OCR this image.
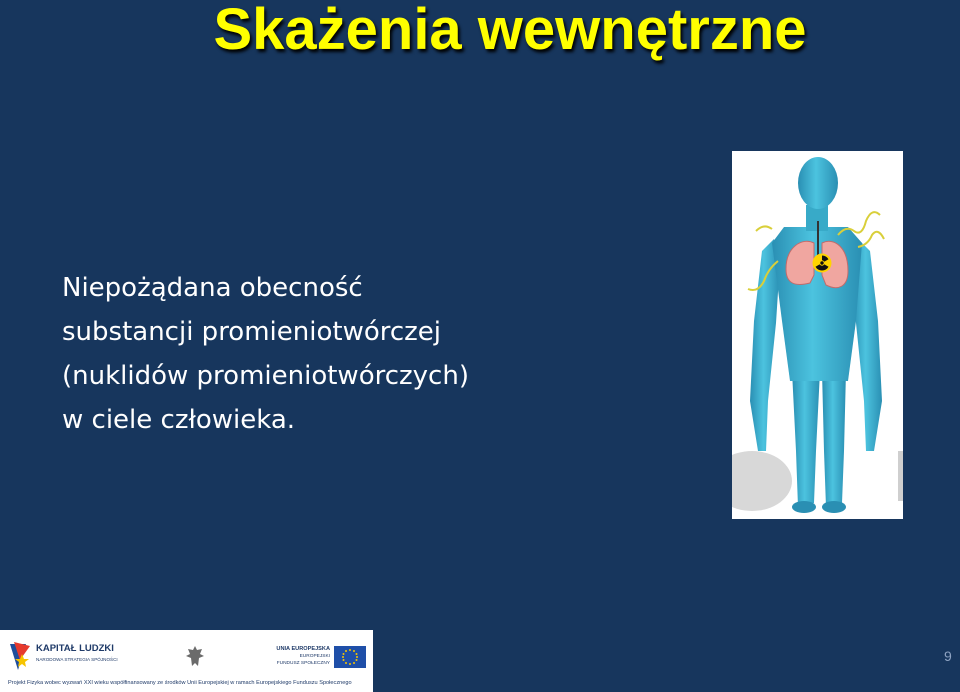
Skażenia wewnętrzne
Niepożądana obecność
substancji promieniotwórczej
(nuklidów promieniotwórczych)
w ciele człowieka.
KAPITAŁ LUDZKI
NARODOWA STRATEGIA SPÓJNOŚCI
UNIA EUROPEJSKA
EUROPEJSKI
FUNDUSZ SPOŁECZNY
Projekt Fizyka wobec wyzwań XXI wieku współfinansowany ze środków Unii Europejskiej w ramach Europejskiego Funduszu Społecznego
9
